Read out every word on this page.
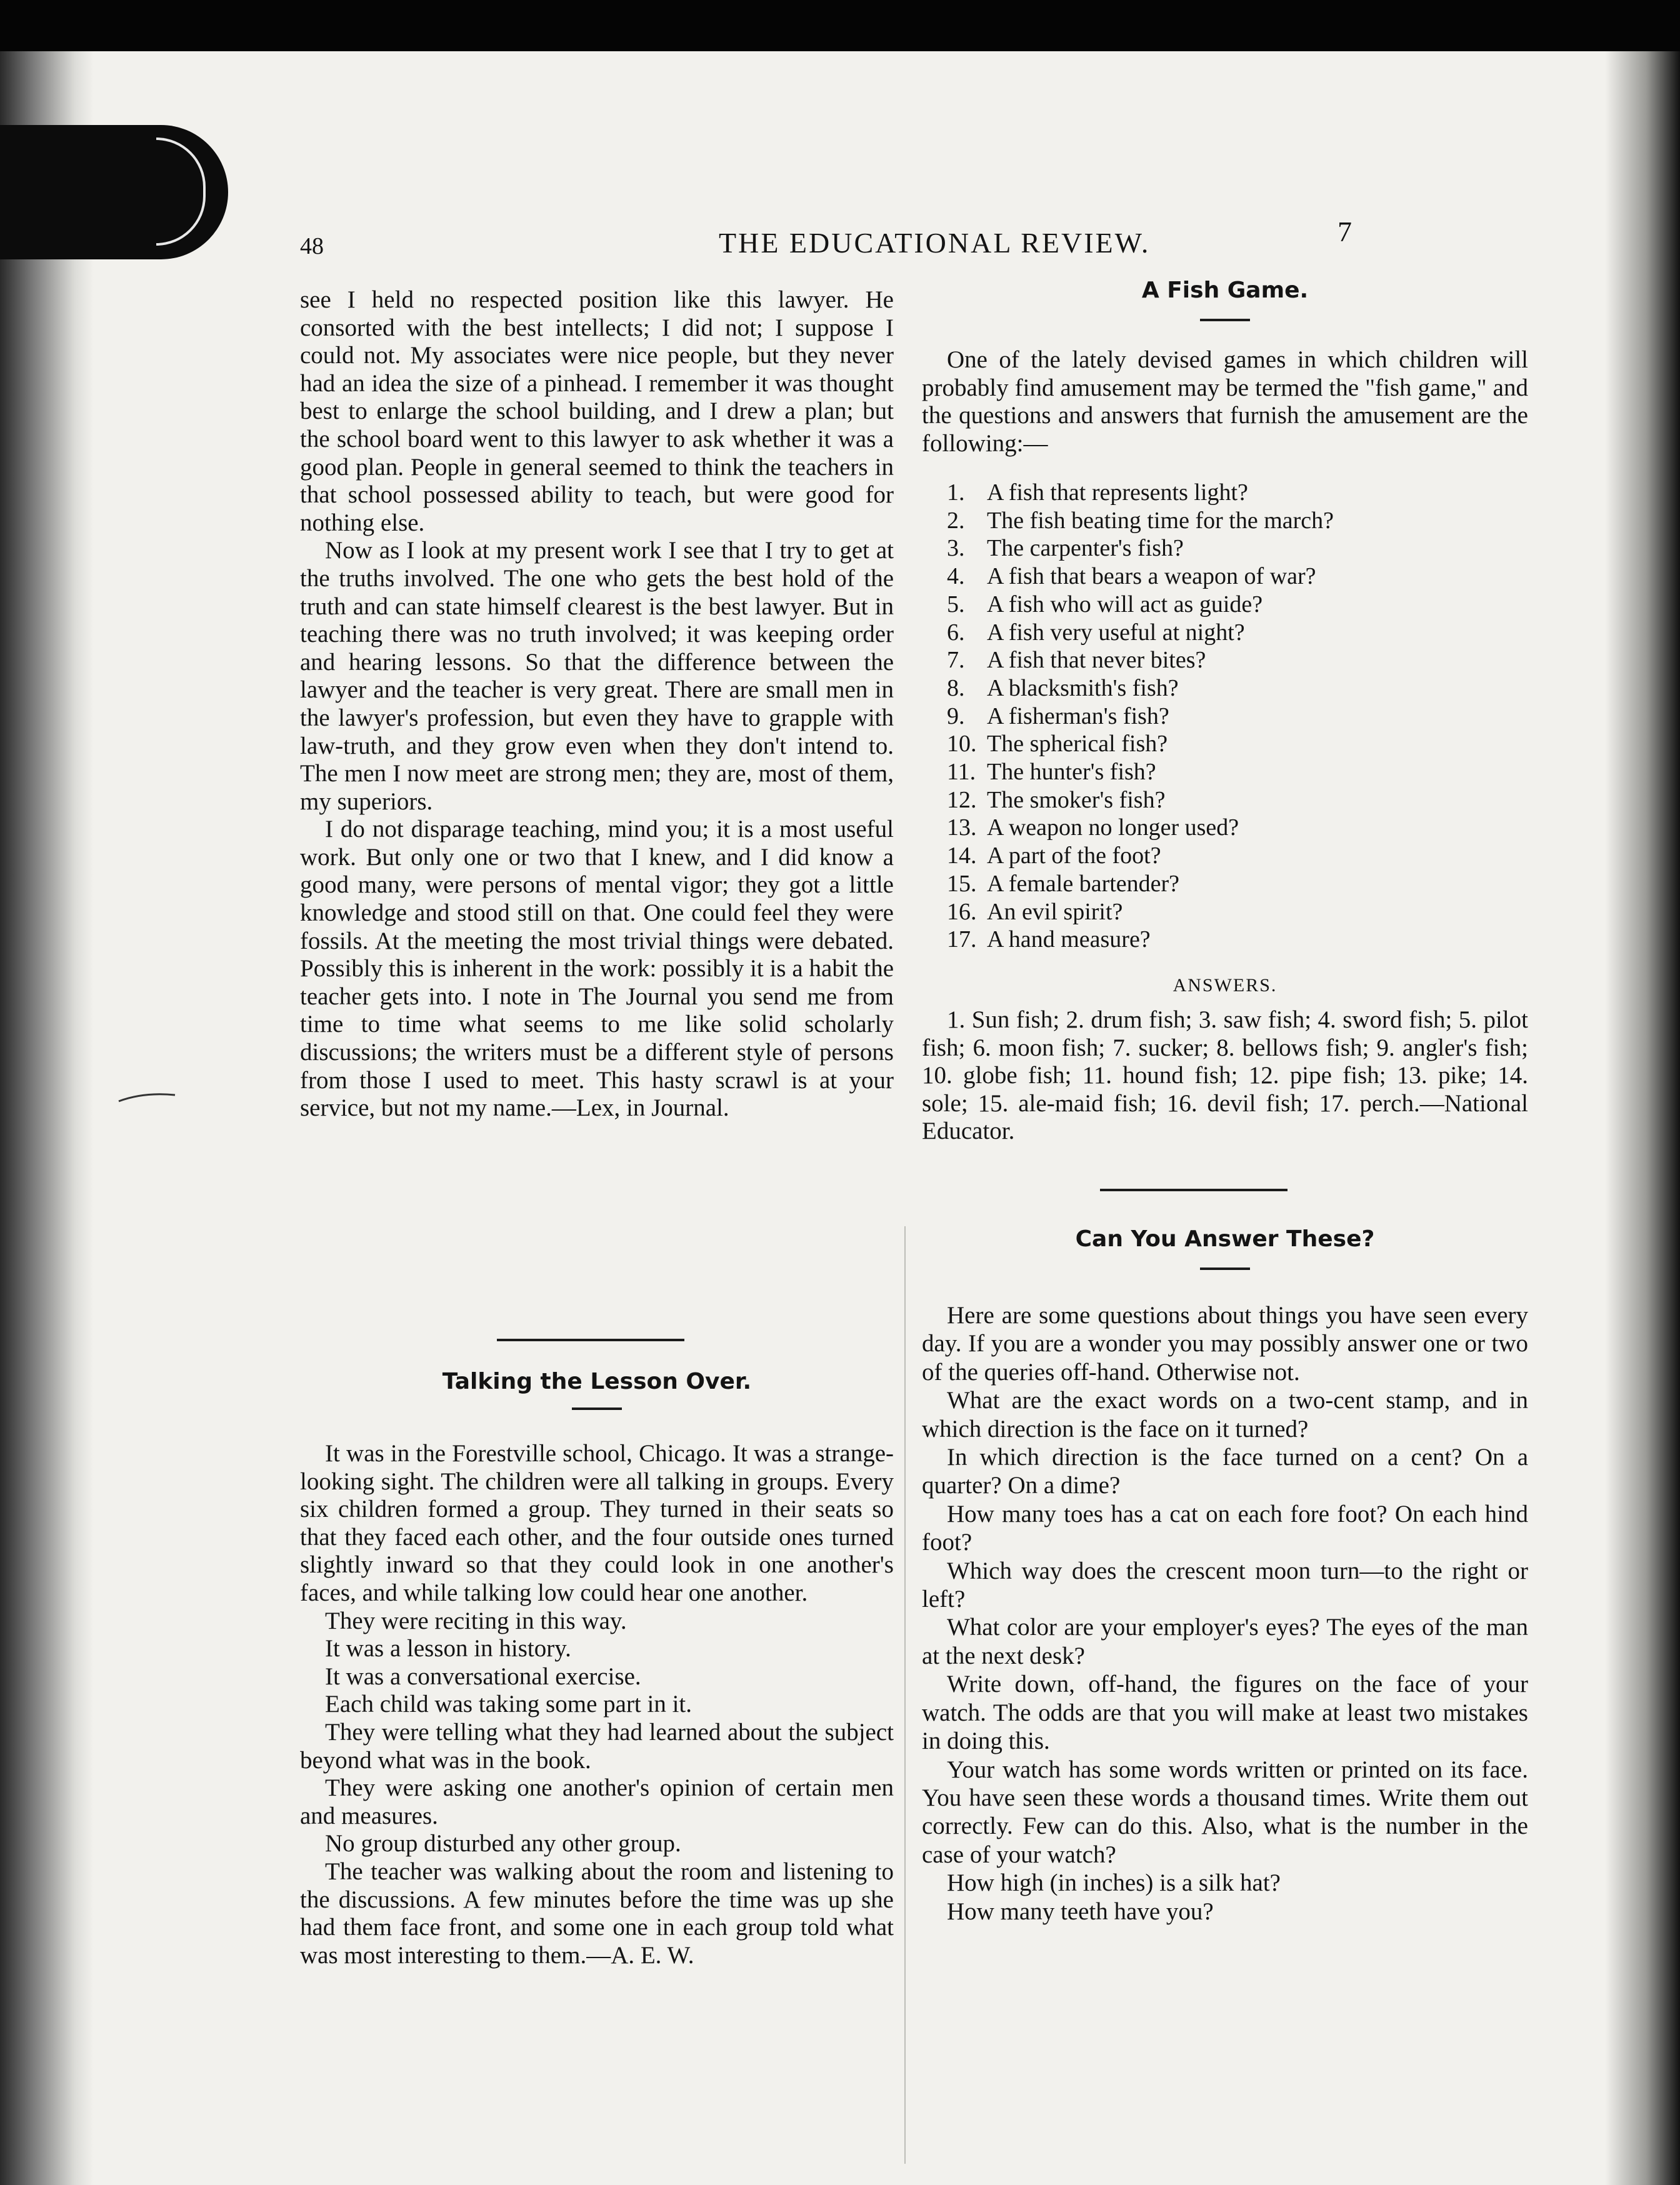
48	THE EDUCATIONAL REVIEW.	7

see I held no respected position like this lawyer. He consorted with the best intellects; I did not; I suppose I could not. My associates were nice people, but they never had an idea the size of a pinhead. I remember it was thought best to enlarge the school building, and I drew a plan; but the school board went to this lawyer to ask whether it was a good plan. People in general seemed to think the teachers in that school possessed ability to teach, but were good for nothing else.

Now as I look at my present work I see that I try to get at the truths involved. The one who gets the best hold of the truth and can state himself clearest is the best lawyer. But in teaching there was no truth involved; it was keeping order and hearing lessons. So that the difference between the lawyer and the teacher is very great. There are small men in the lawyer's profession, but even they have to grapple with law-truth, and they grow even when they don't intend to. The men I now meet are strong men; they are, most of them, my superiors.

I do not disparage teaching, mind you; it is a most useful work. But only one or two that I knew, and I did know a good many, were persons of mental vigor; they got a little knowledge and stood still on that. One could feel they were fossils. At the meeting the most trivial things were debated. Possibly this is inherent in the work: possibly it is a habit the teacher gets into. I note in The Journal you send me from time to time what seems to me like solid scholarly discussions; the writers must be a different style of persons from those I used to meet. This hasty scrawl is at your service, but not my name.—Lex, in Journal.

Talking the Lesson Over.

It was in the Forestville school, Chicago. It was a strange-looking sight. The children were all talking in groups. Every six children formed a group. They turned in their seats so that they faced each other, and the four outside ones turned slightly inward so that they could look in one another's faces, and while talking low could hear one another.

They were reciting in this way.

It was a lesson in history.

It was a conversational exercise.

Each child was taking some part in it.

They were telling what they had learned about the subject beyond what was in the book.

They were asking one another's opinion of certain men and measures.

No group disturbed any other group.

The teacher was walking about the room and listening to the discussions. A few minutes before the time was up she had them face front, and some one in each group told what was most interesting to them.—A. E. W.

A Fish Game.

One of the lately devised games in which children will probably find amusement may be termed the "fish game," and the questions and answers that furnish the amusement are the following:—

1. A fish that represents light?
2. The fish beating time for the march?
3. The carpenter's fish?
4. A fish that bears a weapon of war?
5. A fish who will act as guide?
6. A fish very useful at night?
7. A fish that never bites?
8. A blacksmith's fish?
9. A fisherman's fish?
10. The spherical fish?
11. The hunter's fish?
12. The smoker's fish?
13. A weapon no longer used?
14. A part of the foot?
15. A female bartender?
16. An evil spirit?
17. A hand measure?
ANSWERS.

1. Sun fish; 2. drum fish; 3. saw fish; 4. sword fish; 5. pilot fish; 6. moon fish; 7. sucker; 8. bellows fish; 9. angler's fish; 10. globe fish; 11. hound fish; 12. pipe fish; 13. pike; 14. sole; 15. ale-maid fish; 16. devil fish; 17. perch.—National Educator.

Can You Answer These?

Here are some questions about things you have seen every day. If you are a wonder you may possibly answer one or two of the queries off-hand. Otherwise not.

What are the exact words on a two-cent stamp, and in which direction is the face on it turned?

In which direction is the face turned on a cent? On a quarter? On a dime?

How many toes has a cat on each fore foot? On each hind foot?

Which way does the crescent moon turn—to the right or left?

What color are your employer's eyes? The eyes of the man at the next desk?

Write down, off-hand, the figures on the face of your watch. The odds are that you will make at least two mistakes in doing this.

Your watch has some words written or printed on its face. You have seen these words a thousand times. Write them out correctly. Few can do this. Also, what is the number in the case of your watch?

How high (in inches) is a silk hat?

How many teeth have you?
